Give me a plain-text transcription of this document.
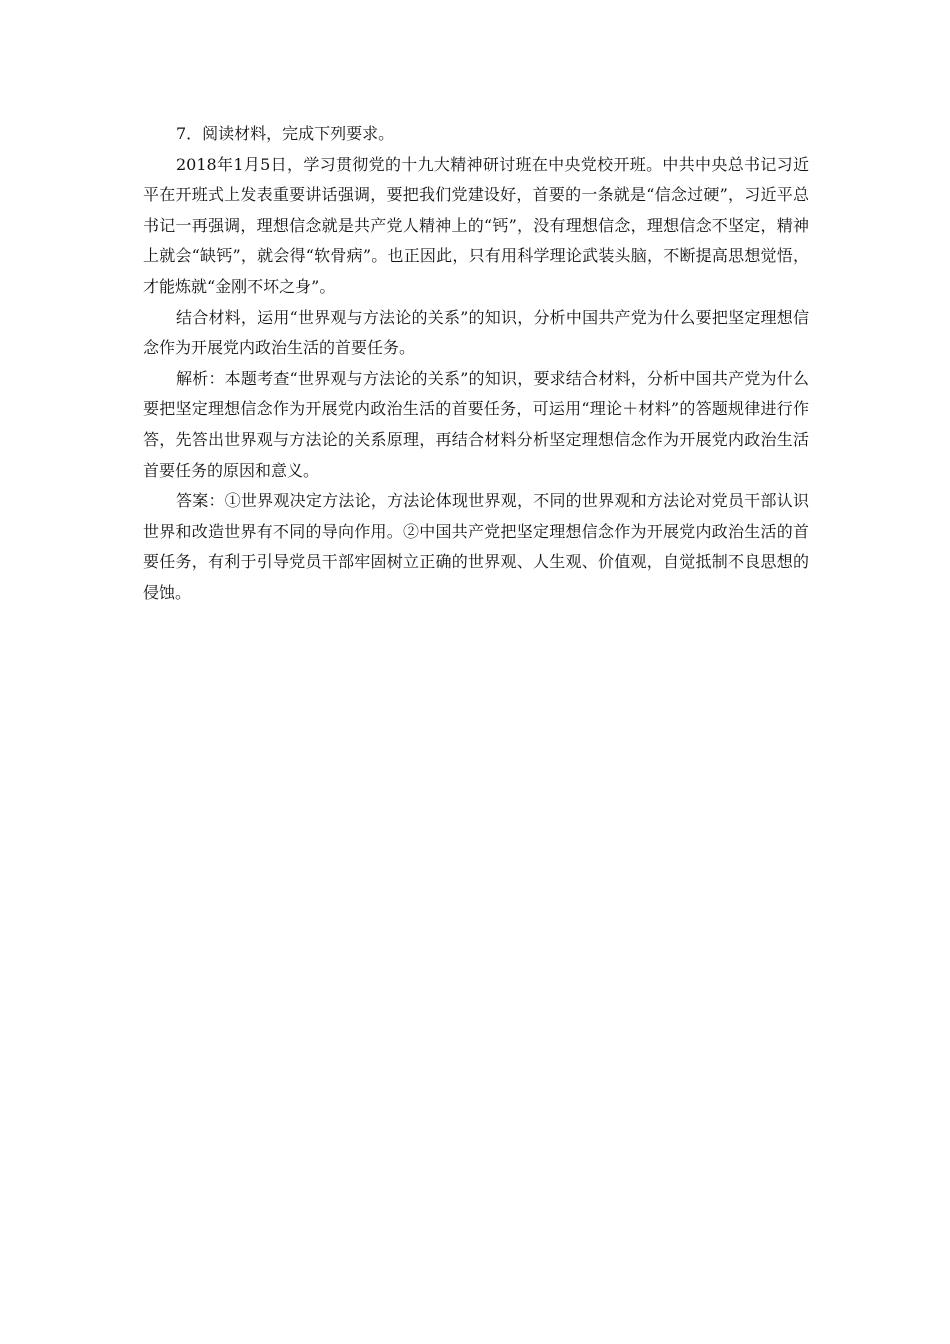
7．阅读材料，完成下列要求。

2018年1月5日，学习贯彻党的十九大精神研讨班在中央党校开班。中共中央总书记习近平在开班式上发表重要讲话强调，要把我们党建设好，首要的一条就是“信念过硬”，习近平总书记一再强调，理想信念就是共产党人精神上的“钙”，没有理想信念，理想信念不坚定，精神上就会“缺钙”，就会得“软骨病”。也正因此，只有用科学理论武装头脑，不断提高思想觉悟，才能炼就“金刚不坏之身”。

结合材料，运用“世界观与方法论的关系”的知识，分析中国共产党为什么要把坚定理想信念作为开展党内政治生活的首要任务。

解析：本题考查“世界观与方法论的关系”的知识，要求结合材料，分析中国共产党为什么要把坚定理想信念作为开展党内政治生活的首要任务，可运用“理论＋材料”的答题规律进行作答，先答出世界观与方法论的关系原理，再结合材料分析坚定理想信念作为开展党内政治生活首要任务的原因和意义。

答案：①世界观决定方法论，方法论体现世界观，不同的世界观和方法论对党员干部认识世界和改造世界有不同的导向作用。②中国共产党把坚定理想信念作为开展党内政治生活的首要任务，有利于引导党员干部牢固树立正确的世界观、人生观、价值观，自觉抵制不良思想的侵蚀。
